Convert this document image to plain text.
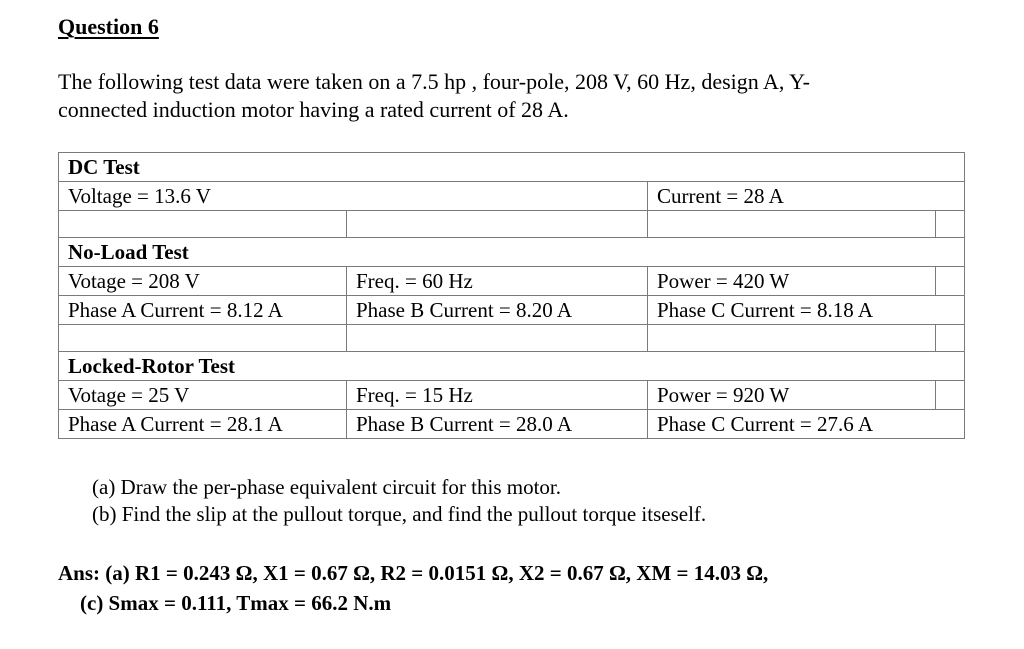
Question 6
The following test data were taken on a 7.5 hp , four-pole, 208 V, 60 Hz, design A, Y-
connected induction motor having a rated current of 28 A.
DC Test			
Voltage = 13.6 V		Current = 28 A	

No-Load Test			
Votage = 208 V	Freq. = 60 Hz	Power = 420 W	
Phase A Current = 8.12 A	Phase B Current = 8.20 A	Phase C Current = 8.18 A	

Locked-Rotor Test			
Votage = 25 V	Freq. = 15 Hz	Power = 920 W	
Phase A Current = 28.1 A	Phase B Current = 28.0 A	Phase C Current = 27.6 A	
(a) Draw the per-phase equivalent circuit for this motor.
(b) Find the slip at the pullout torque, and find the pullout torque itseself.
Ans: (a) R1 = 0.243 Ω, X1 = 0.67 Ω, R2 = 0.0151 Ω, X2 = 0.67 Ω, XM = 14.03 Ω,
(c) Smax = 0.111, Tmax = 66.2 N.m
